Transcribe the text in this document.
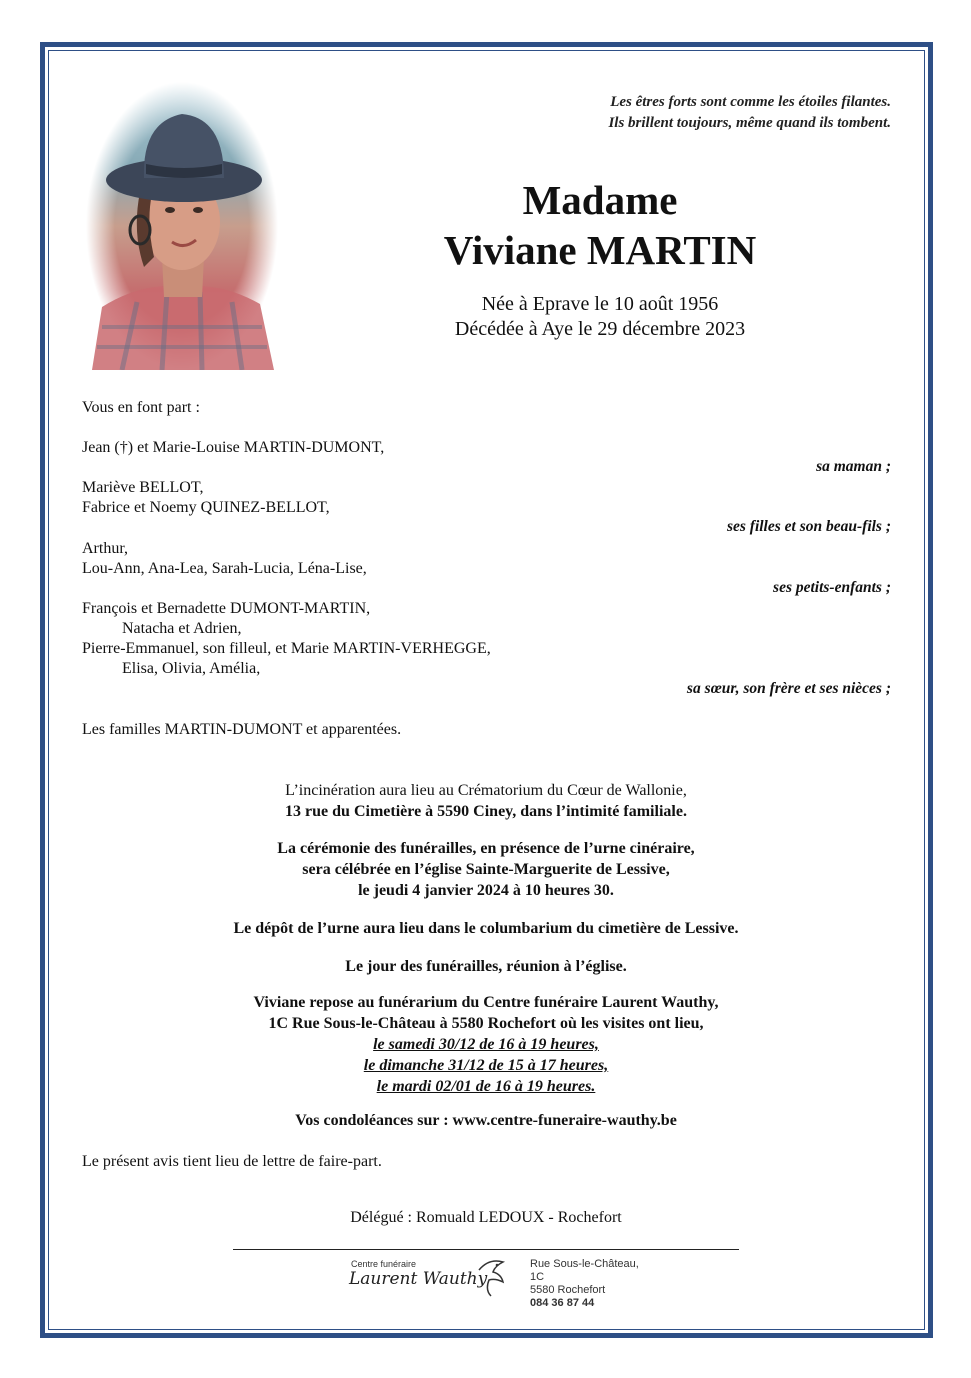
Les êtres forts sont comme les étoiles filantes.
Ils brillent toujours, même quand ils tombent.
Madame
Viviane MARTIN
Née à Eprave le 10 août 1956
Décédée à Aye le 29 décembre 2023
Vous en font part :
Jean (†) et Marie-Louise MARTIN-DUMONT,
sa maman ;
Mariève BELLOT,
Fabrice et Noemy QUINEZ-BELLOT,
ses filles et son beau-fils ;
Arthur,
Lou-Ann, Ana-Lea, Sarah-Lucia, Léna-Lise,
ses petits-enfants ;
François et Bernadette DUMONT-MARTIN,
Natacha et Adrien,
Pierre-Emmanuel, son filleul, et Marie MARTIN-VERHEGGE,
Elisa, Olivia, Amélia,
sa sœur, son frère et ses nièces ;
Les familles MARTIN-DUMONT et apparentées.
L’incinération aura lieu au Crématorium du Cœur de Wallonie,
13 rue du Cimetière à 5590 Ciney, dans l’intimité familiale.
La cérémonie des funérailles, en présence de l’urne cinéraire,
sera célébrée en l’église Sainte-Marguerite de Lessive,
le jeudi 4 janvier 2024 à 10 heures 30.
Le dépôt de l’urne aura lieu dans le columbarium du cimetière de Lessive.
Le jour des funérailles, réunion à l’église.
Viviane repose au funérarium du Centre funéraire Laurent Wauthy,
1C Rue Sous-le-Château à 5580 Rochefort où les visites ont lieu,
le samedi 30/12 de 16 à 19 heures,
le dimanche 31/12 de 15 à 17 heures,
le mardi 02/01 de 16 à 19 heures.
Vos condoléances sur : www.centre-funeraire-wauthy.be
Le présent avis tient lieu de lettre de faire-part.
Délégué : Romuald LEDOUX - Rochefort
Centre funéraire
Laurent Wauthy
Rue Sous-le-Château, 1C
5580 Rochefort
084 36 87 44
